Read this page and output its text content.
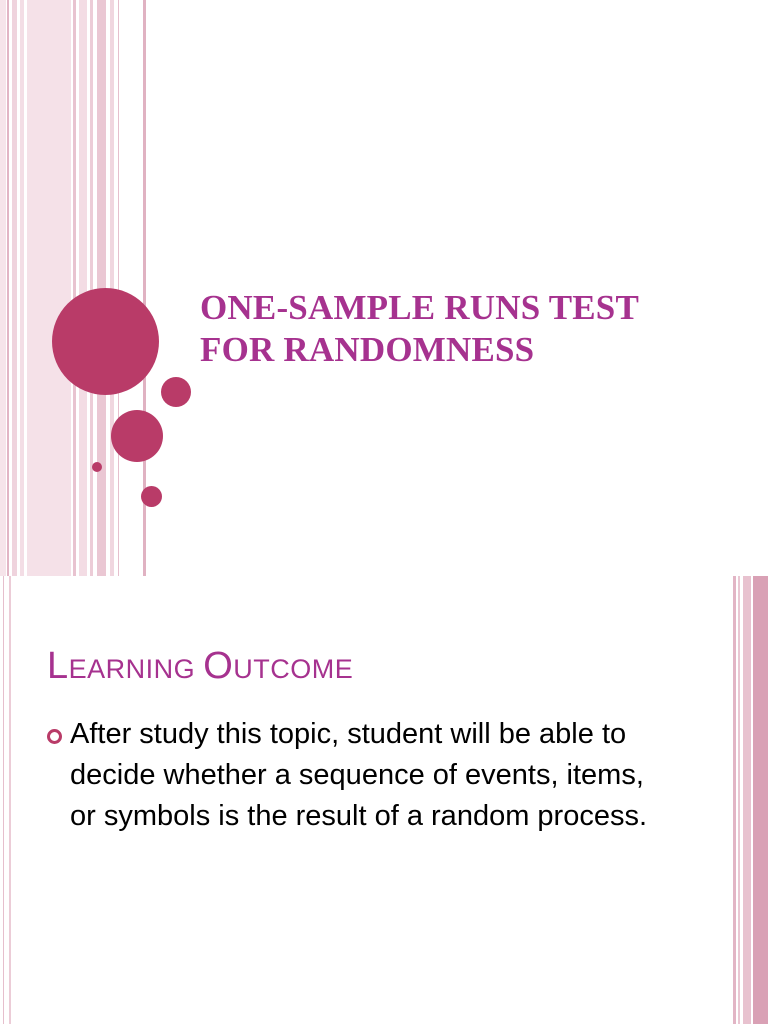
ONE-SAMPLE RUNS TEST
FOR RANDOMNESS
LEARNING OUTCOME
After study this topic, student will be able to decide whether a sequence of events, items, or symbols is the result of a random process.
